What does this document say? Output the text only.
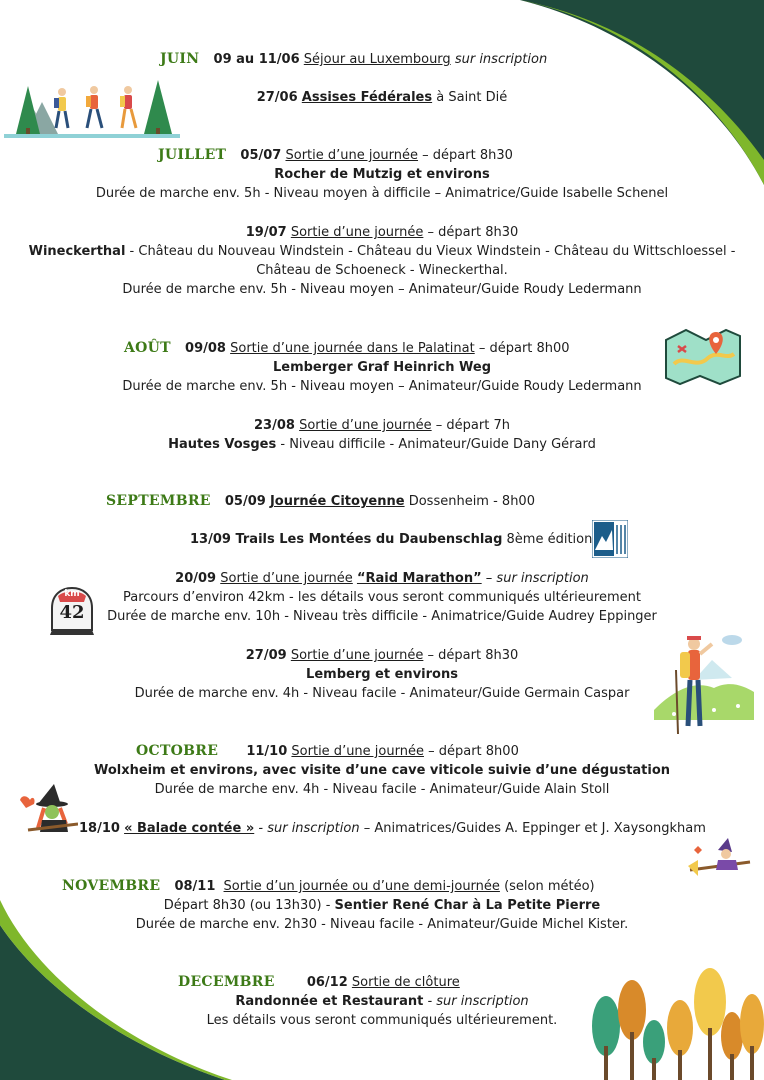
JUIN 09 au 11/06 Séjour au Luxembourg sur inscription
27/06 Assises Fédérales à Saint Dié
JUILLET 05/07 Sortie d’une journée – départ 8h30
Rocher de Mutzig et environs
Durée de marche env. 5h - Niveau moyen à difficile – Animatrice/Guide Isabelle Schenel
19/07 Sortie d’une journée – départ 8h30
Wineckerthal - Château du Nouveau Windstein - Château du Vieux Windstein - Château du Wittschloessel -
Château de Schoeneck - Wineckerthal.
Durée de marche env. 5h - Niveau moyen – Animateur/Guide Roudy Ledermann
AOÛT 09/08 Sortie d’une journée dans le Palatinat – départ 8h00
Lemberger Graf Heinrich Weg
Durée de marche env. 5h - Niveau moyen – Animateur/Guide Roudy Ledermann
23/08 Sortie d’une journée – départ 7h
Hautes Vosges - Niveau difficile - Animateur/Guide Dany Gérard
SEPTEMBRE 05/09 Journée Citoyenne Dossenheim - 8h00
13/09 Trails Les Montées du Daubenschlag 8ème édition
20/09 Sortie d’une journée “Raid Marathon” – sur inscription
Parcours d’environ 42km - les détails vous seront communiqués ultérieurement
Durée de marche env. 10h - Niveau très difficile - Animatrice/Guide Audrey Eppinger
km
42
27/09 Sortie d’une journée – départ 8h30
Lemberg et environs
Durée de marche env. 4h - Niveau facile - Animateur/Guide Germain Caspar
OCTOBRE 11/10 Sortie d’une journée – départ 8h00
Wolxheim et environs, avec visite d’une cave viticole suivie d’une dégustation
Durée de marche env. 4h - Niveau facile - Animateur/Guide Alain Stoll
18/10 « Balade contée » - sur inscription – Animatrices/Guides A. Eppinger et J. Xaysongkham
NOVEMBRE 08/11 Sortie d’un journée ou d’une demi-journée (selon météo)
Départ 8h30 (ou 13h30) - Sentier René Char à La Petite Pierre
Durée de marche env. 2h30 - Niveau facile - Animateur/Guide Michel Kister.
DECEMBRE 06/12 Sortie de clôture
Randonnée et Restaurant - sur inscription
Les détails vous seront communiqués ultérieurement.
